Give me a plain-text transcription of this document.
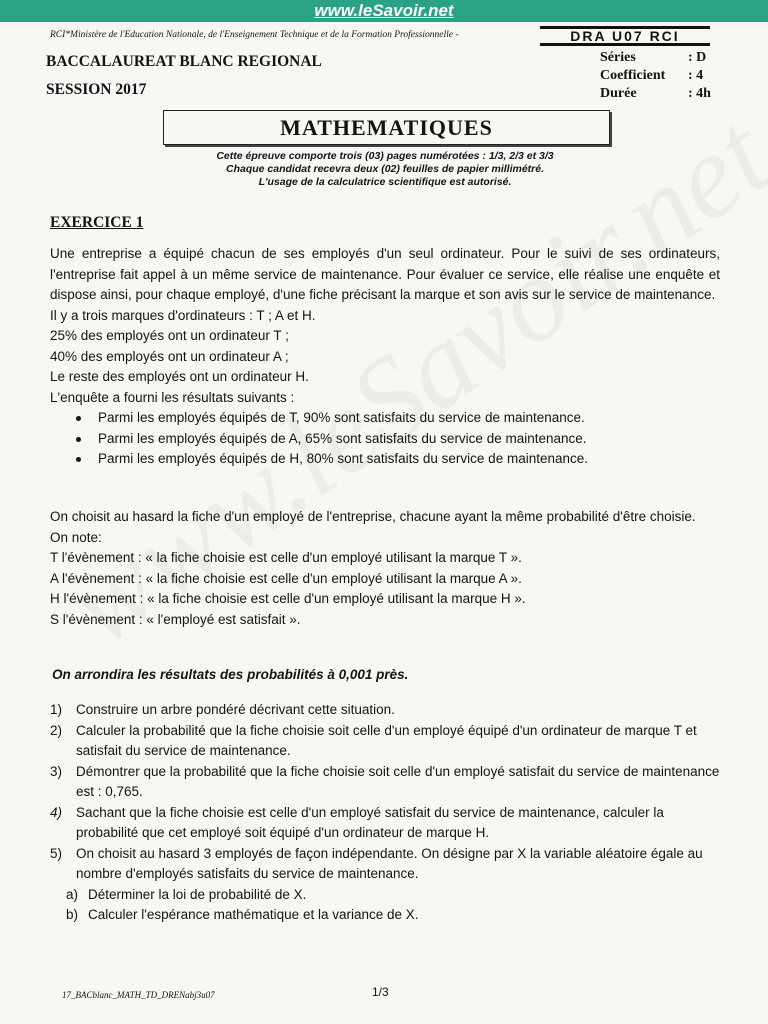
www.leSavoir.net
RCI*Ministère de l'Education Nationale, de l'Enseignement Technique et de la Formation Professionnelle -	DRA U07 RCI
BACCALAUREAT BLANC REGIONAL
SESSION 2017
Séries	: D
Coefficient	: 4
Durée	: 4h
MATHEMATIQUES
Cette épreuve comporte trois (03) pages numérotées : 1/3, 2/3 et 3/3
Chaque candidat recevra deux (02) feuilles de papier millimétré.
L'usage de la calculatrice scientifique est autorisé.
EXERCICE 1

Une entreprise a équipé chacun de ses employés d'un seul ordinateur. Pour le suivi de ses ordinateurs, l'entreprise fait appel à un même service de maintenance. Pour évaluer ce service, elle réalise une enquête et dispose ainsi, pour chaque employé, d'une fiche précisant la marque et son avis sur le service de maintenance.

Il y a trois marques d'ordinateurs : T ; A et H.

25% des employés ont un ordinateur T ;

40% des employés ont un ordinateur A ;

Le reste des employés ont un ordinateur H.

L'enquête a fourni les résultats suivants :

Parmi les employés équipés de T, 90% sont satisfaits du service de maintenance.
Parmi les employés équipés de A, 65% sont satisfaits du service de maintenance.
Parmi les employés équipés de H, 80% sont satisfaits du service de maintenance.

On choisit au hasard la fiche d'un employé de l'entreprise, chacune ayant la même probabilité d'être choisie.

On note:

T l'évènement : « la fiche choisie est celle d'un employé utilisant la marque T ».

A l'évènement : « la fiche choisie est celle d'un employé utilisant la marque A ».

H l'évènement : « la fiche choisie est celle d'un employé utilisant la marque H ».

S l'évènement : « l'employé est satisfait ».

On arrondira les résultats des probabilités à 0,001 près.
1)	Construire un arbre pondéré décrivant cette situation.
2)	Calculer la probabilité que la fiche choisie soit celle d'un employé équipé d'un ordinateur de marque T et satisfait du service de maintenance.
3)	Démontrer que la probabilité que la fiche choisie soit celle d'un employé satisfait du service de maintenance est : 0,765.
4)	Sachant que la fiche choisie est celle d'un employé satisfait du service de maintenance, calculer la probabilité que cet employé soit équipé d'un ordinateur de marque H.
5)	On choisit au hasard 3 employés de façon indépendante. On désigne par X la variable aléatoire égale au nombre d'employés satisfaits du service de maintenance.
a) Déterminer la loi de probabilité de X.
b) Calculer l'espérance mathématique et la variance de X.
17_BACblanc_MATH_TD_DRENabj3u07	1/3
